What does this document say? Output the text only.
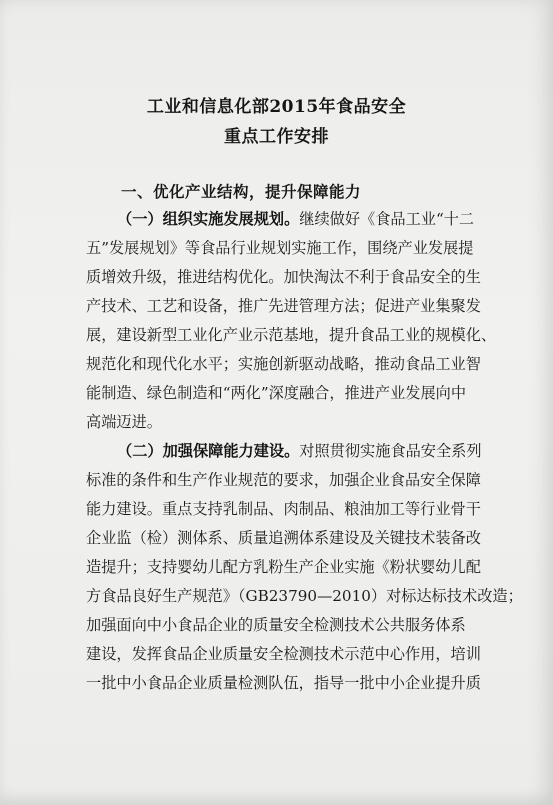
工业和信息化部2015年食品安全
重点工作安排
一、优化产业结构，提升保障能力
（一）组织实施发展规划。继续做好《食品工业“十二
五”发展规划》等食品行业规划实施工作，围绕产业发展提
质增效升级，推进结构优化。加快淘汰不利于食品安全的生
产技术、工艺和设备，推广先进管理方法；促进产业集聚发
展，建设新型工业化产业示范基地，提升食品工业的规模化、
规范化和现代化水平；实施创新驱动战略，推动食品工业智
能制造、绿色制造和“两化”深度融合，推进产业发展向中
高端迈进。
（二）加强保障能力建设。对照贯彻实施食品安全系列
标准的条件和生产作业规范的要求，加强企业食品安全保障
能力建设。重点支持乳制品、肉制品、粮油加工等行业骨干
企业监（检）测体系、质量追溯体系建设及关键技术装备改
造提升；支持婴幼儿配方乳粉生产企业实施《粉状婴幼儿配
方食品良好生产规范》（GB23790—2010）对标达标技术改造；
加强面向中小食品企业的质量安全检测技术公共服务体系
建设，发挥食品企业质量安全检测技术示范中心作用，培训
一批中小食品企业质量检测队伍，指导一批中小企业提升质
